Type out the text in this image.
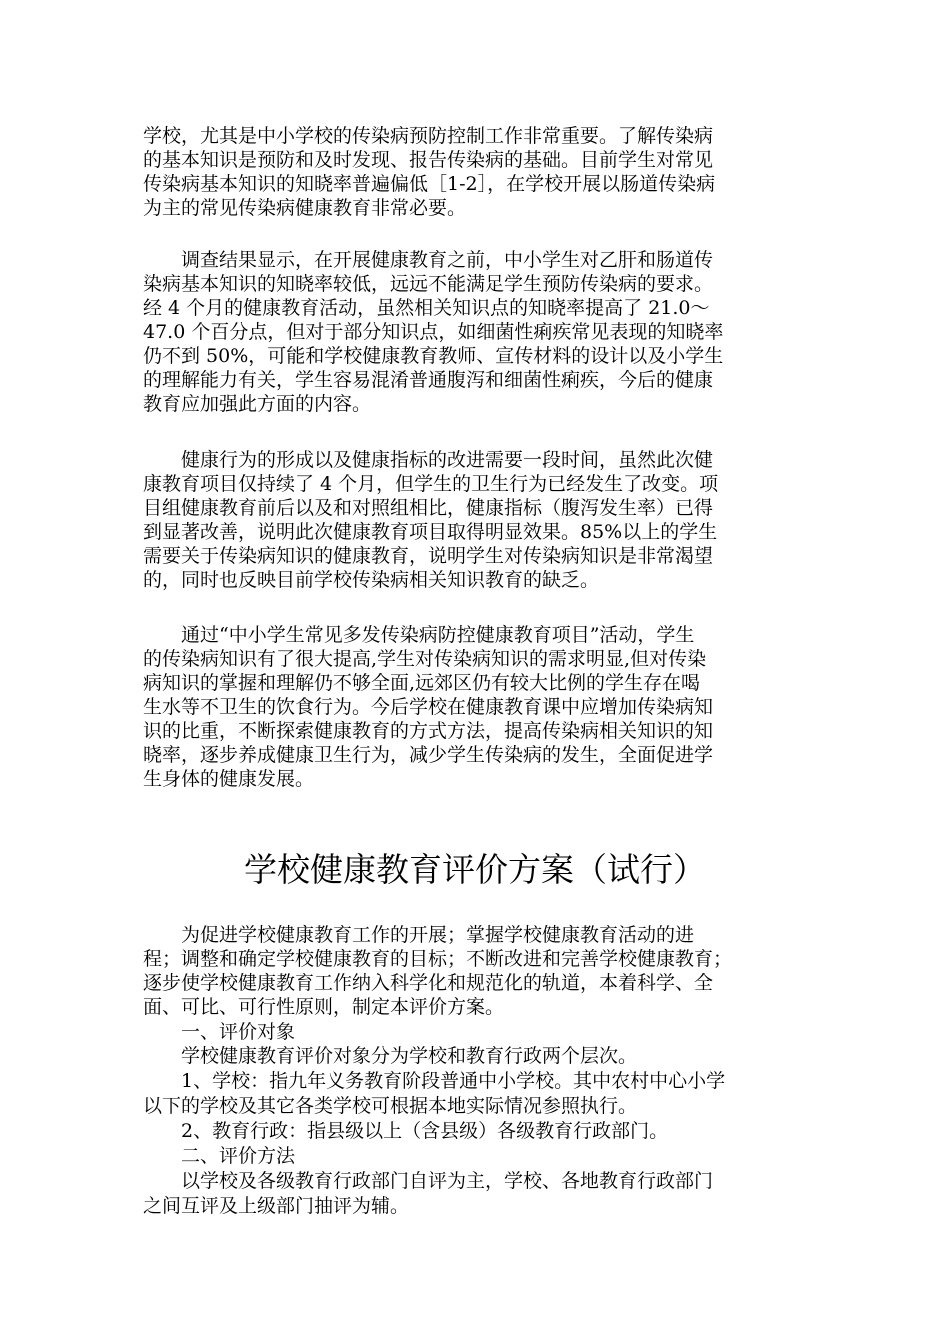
学校，尤其是中小学校的传染病预防控制工作非常重要。了解传染病
的基本知识是预防和及时发现、报告传染病的基础。目前学生对常见
传染病基本知识的知晓率普遍偏低［1-2］，在学校开展以肠道传染病
为主的常见传染病健康教育非常必要。
　　调查结果显示，在开展健康教育之前，中小学生对乙肝和肠道传
染病基本知识的知晓率较低，远远不能满足学生预防传染病的要求。
经 4 个月的健康教育活动，虽然相关知识点的知晓率提高了 21.0～
47.0 个百分点，但对于部分知识点，如细菌性痢疾常见表现的知晓率
仍不到 50%，可能和学校健康教育教师、宣传材料的设计以及小学生
的理解能力有关，学生容易混淆普通腹泻和细菌性痢疾，今后的健康
教育应加强此方面的内容。
　　健康行为的形成以及健康指标的改进需要一段时间，虽然此次健
康教育项目仅持续了 4 个月，但学生的卫生行为已经发生了改变。项
目组健康教育前后以及和对照组相比，健康指标（腹泻发生率）已得
到显著改善，说明此次健康教育项目取得明显效果。85%以上的学生
需要关于传染病知识的健康教育，说明学生对传染病知识是非常渴望
的，同时也反映目前学校传染病相关知识教育的缺乏。
　　通过“中小学生常见多发传染病防控健康教育项目”活动，学生
的传染病知识有了很大提高,学生对传染病知识的需求明显,但对传染
病知识的掌握和理解仍不够全面,远郊区仍有较大比例的学生存在喝
生水等不卫生的饮食行为。今后学校在健康教育课中应增加传染病知
识的比重，不断探索健康教育的方式方法，提高传染病相关知识的知
晓率，逐步养成健康卫生行为，减少学生传染病的发生，全面促进学
生身体的健康发展。
学校健康教育评价方案（试行）
　　为促进学校健康教育工作的开展；掌握学校健康教育活动的进
程；调整和确定学校健康教育的目标；不断改进和完善学校健康教育；
逐步使学校健康教育工作纳入科学化和规范化的轨道，本着科学、全
面、可比、可行性原则，制定本评价方案。

　　一、评价对象

　　学校健康教育评价对象分为学校和教育行政两个层次。

　　1、学校：指九年义务教育阶段普通中小学校。其中农村中心小学

以下的学校及其它各类学校可根据本地实际情况参照执行。

　　2、教育行政：指县级以上（含县级）各级教育行政部门。

　　二、评价方法

　　以学校及各级教育行政部门自评为主，学校、各地教育行政部门

之间互评及上级部门抽评为辅。
